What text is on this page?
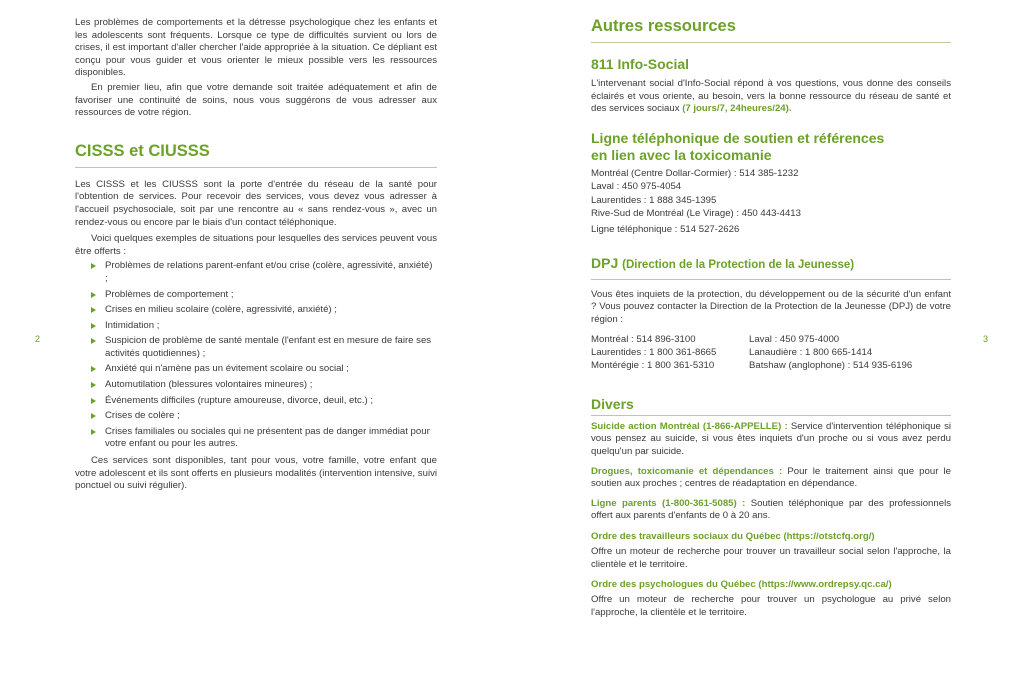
Les problèmes de comportements et la détresse psychologique chez les enfants et les adolescents sont fréquents. Lorsque ce type de difficultés survient ou lors de crises, il est important d'aller chercher l'aide appropriée à la situation. Ce dépliant est conçu pour vous guider et vous orienter le mieux possible vers les ressources disponibles.

En premier lieu, afin que votre demande soit traitée adéquatement et afin de favoriser une continuité de soins, nous vous suggérons de vous adresser aux ressources de votre région.

CISSS et CIUSSS

Les CISSS et les CIUSSS sont la porte d'entrée du réseau de la santé pour l'obtention de services. Pour recevoir des services, vous devez vous adresser à l'accueil psychosociale, soit par une rencontre au « sans rendez-vous », avec un rendez-vous ou encore par le biais d'un contact téléphonique.

Voici quelques exemples de situations pour lesquelles des services peuvent vous être offerts :

Problèmes de relations parent-enfant et/ou crise (colère, agressivité, anxiété) ;
Problèmes de comportement ;
Crises en milieu scolaire (colère, agressivité, anxiété) ;
Intimidation ;
Suspicion de problème de santé mentale (l'enfant est en mesure de faire ses activités quotidiennes) ;
Anxiété qui n'amène pas un évitement scolaire ou social ;
Automutilation (blessures volontaires mineures) ;
Événements difficiles (rupture amoureuse, divorce, deuil, etc.) ;
Crises de colère ;
Crises familiales ou sociales qui ne présentent pas de danger immédiat pour votre enfant ou pour les autres.

Ces services sont disponibles, tant pour vous, votre famille, votre enfant que votre adolescent et ils sont offerts en plusieurs modalités (intervention intensive, suivi ponctuel ou suivi régulier).

2	3
Autres ressources
811 Info-Social

L'intervenant social d'Info-Social répond à vos questions, vous donne des conseils éclairés et vous oriente, au besoin, vers la bonne ressource du réseau de santé et des services sociaux (7 jours/7, 24heures/24).

Ligne téléphonique de soutien et références
en lien avec la toxicomanie
Montréal (Centre Dollar-Cormier) : 514 385-1232
Laval : 450 975-4054
Laurentides : 1 888 345-1395
Rive-Sud de Montréal (Le Virage) : 450 443-4413
Ligne téléphonique : 514 527-2626
DPJ (Direction de la Protection de la Jeunesse)

Vous êtes inquiets de la protection, du développement ou de la sécurité d'un enfant ? Vous pouvez contacter la Direction de la Protection de la Jeunesse (DPJ) de votre région :

Montréal : 514 896-3100	Laval : 450 975-4000
Laurentides : 1 800 361-8665	Lanaudière : 1 800 665-1414
Montérégie : 1 800 361-5310	Batshaw (anglophone) : 514 935-6196
Divers

Suicide action Montréal (1-866-APPELLE) : Service d'intervention téléphonique si vous pensez au suicide, si vous êtes inquiets d'un proche ou si vous avez perdu quelqu'un par suicide.

Drogues, toxicomanie et dépendances : Pour le traitement ainsi que pour le soutien aux proches ; centres de réadaptation en dépendance.

Ligne parents (1-800-361-5085) : Soutien téléphonique par des professionnels offert aux parents d'enfants de 0 à 20 ans.

Ordre des travailleurs sociaux du Québec (https://otstcfq.org/)

Offre un moteur de recherche pour trouver un travailleur social selon l'approche, la clientèle et le territoire.

Ordre des psychologues du Québec (https://www.ordrepsy.qc.ca/)

Offre un moteur de recherche pour trouver un psychologue au privé selon l'approche, la clientèle et le territoire.
